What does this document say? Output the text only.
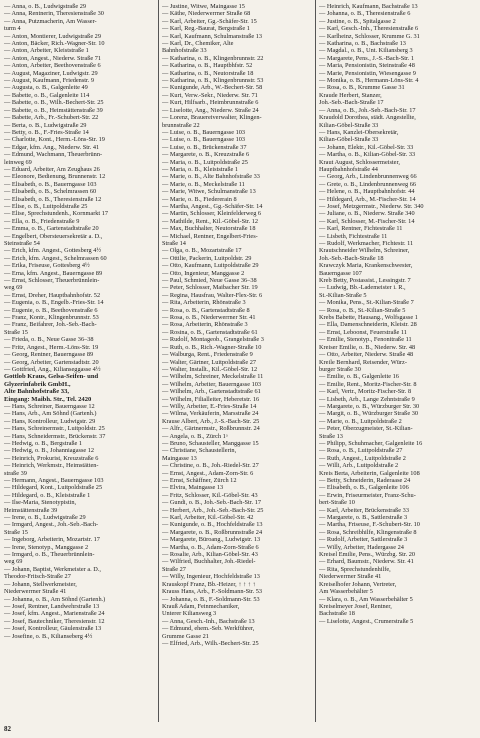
— Anna, o. B., Ludwigstraße 29
— Anna, Rentnerin, Theresienstraße 30
— Anna, Putzmacherin, Am Wasser-
turm 4
— Anton, Montierer, Ludwigstraße 29
— Anton, Bäcker, Rich.-Wagner-Str. 10
— Anton, Arbeiter, Kleiststraße 1
— Anton, Angest., Niederw. Straße 71
— Anton, Arbeiter, Beethovenstraße 6
— August, Magaziner, Ludwigstr. 29
— August, Kaufmann, Friedenstr. 9
— Augusta, o. B., Galgenleite 49
— Babette, o. B., Galgenleite 114
— Babette, o. B., Wilh.-Bechert-Str. 25
— Babette, o. B., Heimstättenstraße 39
— Babette, Arb., Fr.-Schubert-Str. 22
— Berta, o. B., Ludwigstraße 29
— Betty, o. B., F.-Fries-Straße 14
— Charlotte, Kont., Herm.-Löns-Str. 19
— Edgar, kfm. Ang., Niederw. Str. 41
— Edmund, Wachmann, Theuerbrünn-
leinweg 69
— Eduard, Arbeiter, Am Zeughaus 26
— Eleonore, Bedienung, Brunnenstr. 12
— Elisabeth, o. B., Bauerngasse 103
— Elisabeth, o. B., Schelmrassen 60
— Elisabeth, o. B., Theresienstraße 12
— Elise, o. B., Luitpoldstraße 25
— Elise, Sprechstundenh., Kornmarkt 17
— Ella, o. B., Friedenstraße 9
— Emma, o. B., Gartenstadtstraße 20
— Engelbert, Obersteuersekretär a. D.,
Steinstraße 54
— Erich, kfm. Angest., Gottesberg 4½
— Erich, kfm. Angest., Schelmrassen 60
— Erika, Friseuse, Gottesberg 4½
— Erna, kfm. Angest., Bauerngasse 89
— Ernst, Schlosser, Theuerbrünnlein-
weg 69
— Ernst, Dreher, Hauptbahnhofstr. 52
— Eugenia, o. B., Engelb.-Fries-Str. 14
— Eugenie, o. B., Beethovenstraße 6
— Franz, Kontr., Klingenbrunnstr. 53
— Franz, Beifahrer, Joh.-Seb.-Bach-
Straße 15
— Frieda, o. B., Neue Gasse 36–38
— Fritz, Angest., Herm.-Löns-Str. 19
— Georg, Rentner, Bauerngasse 89
— Georg, Arbeiter, Gartenstadtstr. 20
— Gottfried, Ang., Kilianseggasse 4½
Gottlob Kraus, Gelsa-Seifen- und
Glyzerinfabrik GmbH.,
Alte Bahnhofstraße 33,
Eingang: Maibh. Str., Tel. 2420
— Hans, Schreiner, Bauerngasse 12
— Hans, Arb., Am Söhnd (Gartenh.)
— Hans, Kontrolleur, Ludwigstr. 29
— Hans, Schreinermstr., Luitpoldstr. 25
— Hans, Schneidermstr., Brückenstr. 37
— Hedwig, o. B., Bergstraße 1
— Hedwig, o. B., Johanniagasse 12
— Heinrich, Prokurist, Kreuzstraße 6
— Heinrich, Werkmstr., Heimstätten-
straße 39
— Hermann, Angest., Bauerngasse 103
— Hildegard, Kont., Luitpoldstraße 25
— Hildegard, o. B., Kleiststraße 1
— Ilse-Maria, Stenotypistin,
Heimstättenstraße 39
— Irene, o. B., Ludwigstraße 29
— Irmgard, Angest., Joh.-Seb.-Bach-
Straße 15
— Ingeborg, Arbeiterin, Mozartstr. 17
— Irene, Stenotyp., Manggasse 2
— Irmgard, o. B., Theuerbrünnlein-
weg 69
— Johann, Baptist, Werkmeister a. D.,
Theodor-Fritsch-Straße 27
— Johann, Stellwerkmeister,
Niederwerrner Straße 41
— Johanna, o. B., Am Söhnd (Gartenh.)
— Josef, Rentner, Landwehrstraße 13
— Josef, kfm. Angest., Marienstraße 24
— Josef, Bautechniker, Theresienstr. 12
— Josef, Kontrolleur, Gäulenstraße 13
— Josefine, o. B., Kilianseberg 4½
— Justine, Witwe, Maingasse 15
— Käthe, Niederwerrner Straße 68
— Karl, Arbeiter, Gg.-Schäfer-Str. 15
— Karl, Reg.-Baurat, Bergstraße 1
— Karl, Kaufmann, Schulmanstraße 13
— Karl, Dr., Chemiker, Alte
Bahnhofstraße 33
— Katharina, o. B., Klingenbrunnstr. 22
— Katharina, o. B., Hauptbhfstr. 52
— Katharina, o. B., Neutorstraße 18
— Katharina, o. B., Klingenbrunnstr. 53
— Kunigunde, Arb., W.-Bechert-Str. 58
— Kurt, Verw.-Sekr., Niederw. Str. 71
— Kurt, Hilfsarb., Heimbrunnstraße 6
— Liselotte, Ang., Niederw. Straße 24
— Lorenz, Brauereiverwalter, Klingen-
brunnstraße 22
— Luise, o. B., Bauerngasse 103
— Luise, o. B., Bauerngasse 103
— Luise, o. B., Brückenstraße 37
— Margarete, o. B., Kreuzstraße 6
— Maria, o. B., Luitpoldstraße 25
— Maria, o. B., Kleiststraße 1
— Marie, o. B., Alte Bahnhofstraße 33
— Marie, o. B., Meckelstraße 11
— Marie, Witwe, Schulmanstraße 13
— Marie, o. B., Fiedererain 8
— Martha, Angest., Gg.-Schäfer-Str. 14
— Martin, Schlosser, Kleinfelderweg 6
— Mathilde, Rent., Kil.-Göbel-Str. 12
— Max, Buchhalter, Neutorstraße 18
— Michael, Rentner, Engelbert-Fries-
Straße 14
— Olga, o. B., Mozartstraße 17
— Ottilie, Packerin, Luitpoldstr. 29
— Otto, Kaufmann, Luitpoldstraße 29
— Otto, Ingenieur, Manggasse 2
— Paul, Schmied, Neue Gasse 36–38
— Peter, Schlosser, Maibacher Str. 19
— Regina, Hausfrau, Walter-Flex-Str. 6
— Rita, Arbeiterin, Rhönstraße 3
— Rosa, o. B., Gartenstadtstraße 8
— Rosa, o. B., Niederwerrner Str. 41
— Rosa, Arbeiterin, Rhönstraße 3
— Rosina, o. B., Gartenstadtstraße 61
— Rudolf, Montageob., Grangelstraße 3
— Ruth, o. B., Rich.-Wagner-Straße 10
— Walburga, Rent., Friedenstraße 9
— Walter, Gärtner, Luitpoldstraße 27
— Walter, Installt., Kil.-Göbel-Str. 12
— Wilhelm, Schreiner, Meckelstraße 11
— Wilhelm, Arbeiter, Bauerngasse 103
— Wilhelm, Arb., Gartenstadtstraße 61
— Wilhelm, Filialleiter, Heberetstr. 16
— Willy, Arbeiter, E.-Fries-Straße 14
— Wilma, Verkäuferin, Marsstraße 24
Krause Albert, Arb., J.-S.-Bach-Str. 25
— Alfr., Gärtnermstr., Roßbrunnstr. 24
— Angela, o. B., Zürch 1ᵃ
— Bruno, Schausteller, Manggasse 15
— Christiane, Schaustellerin,
Maingasse 13
— Christine, o. B., Joh.-Riedel-Str. 27
— Ernst, Angest., Adam-Zorn-Str. 6
— Ernst, Schäffner, Zürch 12
— Elvira, Maingasse 13
— Fritz, Schlosser, Kil.-Göbel-Str. 43
— Gundi, o. B., Joh.-Seb.-Bach-Str. 17
— Herbert, Arb., Joh.-Seb.-Bach-Str. 25
— Karl, Arbeiter, Kil.-Göbel-Str. 42
— Kunigunde, o. B., Hochfeldstraße 13
— Margarete, o. B., Roßbrunnstraße 24
— Margarete, Büroang., Ludwigstr. 13
— Martha, o. B., Adam-Zorn-Straße 6
— Rosalie, Arb., Kilian-Göbel-Str. 43
— Wilfried, Buchhalter, Joh.-Riedel-
Straße 27
— Willy, Ingenieur, Hochfeldstraße 13
Krauskopf Franz, Bb.-Heizer, ↑ ↑ ↑ ↑
Krauss Hans, Arb., F.-Soldmann-Str. 53
— Johanna, o. B., F.-Soldmann-Str. 53
Krauß Adam, Feinmechaniker,
Unterer Kiliansweg 3
— Anna, Gesch.-Inh., Bachstraße 13
— Edmund, ehem.-Seb. Werkführer,
Grumme Gasse 21
— Elfried, Arb., Wilh.-Bechert-Str. 25
— Heinrich, Kaufmann, Bachstraße 13
— Johanna, o. B., Theresienstraße 6
— Justine, o. B., Spitalgasse 2
— Karl, Gesch.-Inh., Theresienstraße 6
— Karlheinz, Schlosser, Krumme G. 31
— Katharina, o. B., Bachstraße 13
— Magdal., o. B., Unt. Kiliansberg 3
— Margarete, Pens., J.-S.-Bach-Str. 1
— Maria, Pensionistin, Steinstraße 48
— Marie, Pensionistin, Wiesengasse 9
— Monika, o. B., Hermann-Löns-Str. 4
— Rosa, o. B., Krumme Gasse 31
Kraude Herbert, Stanzer,
Joh.-Seb.-Bach-Straße 17
— Anna, o. B., Joh.-Seb.-Bach-Str. 17
Kraudold Dorothea, städt. Angestellte,
Kilian-Göbel-Straße 33
— Hans, Kanzlei-Obersekretär,
Kilian-Göbel-Straße 33
— Johann, Elektr., Kil.-Göbel-Str. 33
— Martha, o. B., Kilian-Göbel-Str. 33
Kraut August, Schlossermeister,
Hauptbahnhofstraße 44
— Georg, Arb., Lindenbrunnenweg 66
— Grete, o. B., Lindenbrunnenweg 66
— Helene, o. B., Hauptbahnhofstr. 44
— Hildegard, Arb., M.-Fischer-Str. 14
— Josef, Metzgermstr., Niederw. Str. 340
— Juliane, o. B., Niederw. Straße 340
— Karl, Schlosser, M.-Fischer-Str. 14
— Karl, Rentner, Fichtestraße 11
— Lisbeth, Fichtestraße 11
— Rudolf, Werkmacher, Fichtestr. 11
Krautschneider Wilhelm, Schreiner,
Joh.-Seb.-Bach-Straße 18
Krawczyk Maria, Krankenschwester,
Bauerngasse 107
Kreb Betty, Postassist., Lessingstr. 7
— Ludwig, Bb.-Lademeister i. R.,
St.-Kilian-Straße 5
— Monika, Pens., St.-Kilian-Straße 7
— Rosa, o. B., St.-Kilian-Straße 5
Krebs Babette, Hausang., Wolfsgasse 1
— Ella, Damenschneiderin, Kleistr. 28
— Ernst, Leboonst, Feuerstraße 11
— Emilie, Stenotyp., Fenonitraße 11
Kreiser Emilie, o. B., Niederw. Str. 48
— Otto, Arbeiter, Niederw. Straße 48
Kreile Bernhard, Reisender, Würz-
burger Straße 30
— Emilie, o. B., Galgenleite 16
— Emilie, Rent., Moritz-Fischer-Str. 8
— Karl, Vertr., Moritz-Fischer-Str. 8
— Lisbeth, Arb., Lange Zehntstraße 9
— Margarete, o. B., Würzburger Str. 30
— Margit, o. B., Würzburger Straße 30
— Marie, o. B., Luitpoldstraße 2
— Peter, Oberzugmeister, St.-Kilian-
Straße 13
— Philipp, Schuhmacher, Galgenleite 16
— Rosa, o. B., Luitpoldstraße 27
— Ruth, Angest., Luitpoldstraße 2
— Willi, Arb., Luitpoldstraße 2
Kreis Berta, Arbeiterin, Galgenleite 108
— Betty, Schneiderin, Raderaase 24
— Elisabeth, o. B., Galgenleite 106
— Erwin, Friseurmeister, Franz-Schu-
bert-Straße 10
— Karl, Arbeiter, Brückenstraße 33
— Margarete, o. B., Sattlerstraße 3
— Martha, Friseuse, F.-Schubert-Str. 10
— Rosa, Schreibhilfe, Klingenstraße 8
— Rudolf, Arbeiter, Sattlerstraße 3
— Willy, Arbeiter, Hadergasse 24
Kreisel Emilie, Pens., Würzbg. Str. 20
— Erhard, Baumstr., Niederw. Str. 41
— Rita, Sprechstundenhilfe,
Niederwerrner Straße 41
Kreiselhofer Johann, Vertreter,
Am Wasserbehälter 5
— Klara, o. B., Am Wasserbehälter 5
Kreiselmeyer Josef, Rentner,
Bachstraße 18
— Liselotte, Angest., Crumerstraße 5
82
